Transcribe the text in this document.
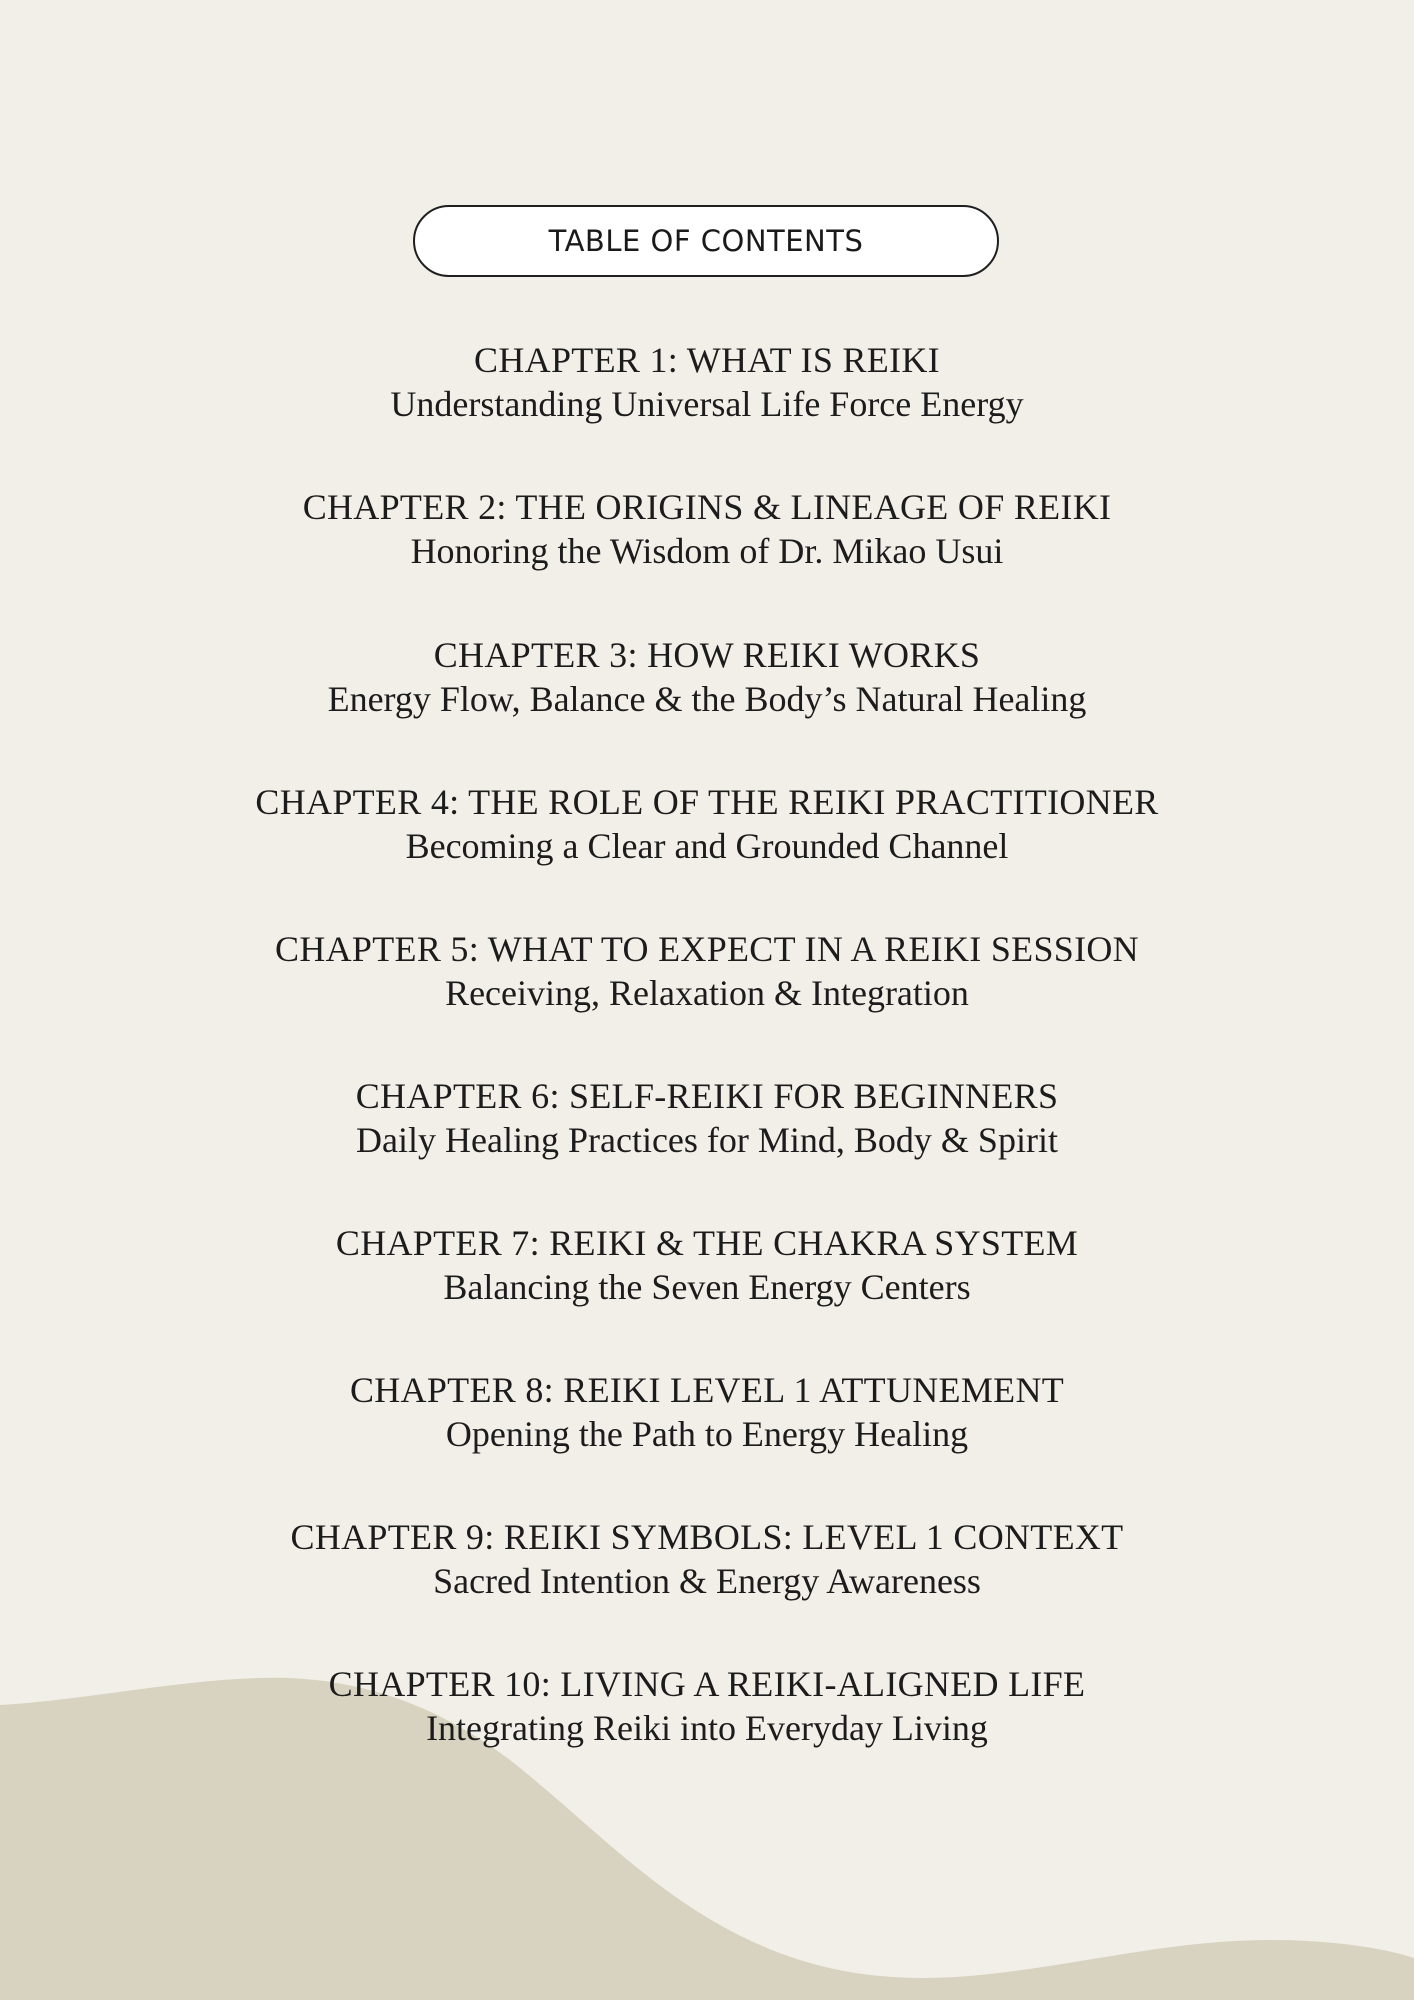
TABLE OF CONTENTS
CHAPTER 1: WHAT IS REIKI
Understanding Universal Life Force Energy
CHAPTER 2: THE ORIGINS & LINEAGE OF REIKI
Honoring the Wisdom of Dr. Mikao Usui
CHAPTER 3: HOW REIKI WORKS
Energy Flow, Balance & the Body’s Natural Healing
CHAPTER 4: THE ROLE OF THE REIKI PRACTITIONER
Becoming a Clear and Grounded Channel
CHAPTER 5: WHAT TO EXPECT IN A REIKI SESSION
Receiving, Relaxation & Integration
CHAPTER 6: SELF-REIKI FOR BEGINNERS
Daily Healing Practices for Mind, Body & Spirit
CHAPTER 7: REIKI & THE CHAKRA SYSTEM
Balancing the Seven Energy Centers
CHAPTER 8: REIKI LEVEL 1 ATTUNEMENT
Opening the Path to Energy Healing
CHAPTER 9: REIKI SYMBOLS: LEVEL 1 CONTEXT
Sacred Intention & Energy Awareness
CHAPTER 10: LIVING A REIKI-ALIGNED LIFE
Integrating Reiki into Everyday Living
